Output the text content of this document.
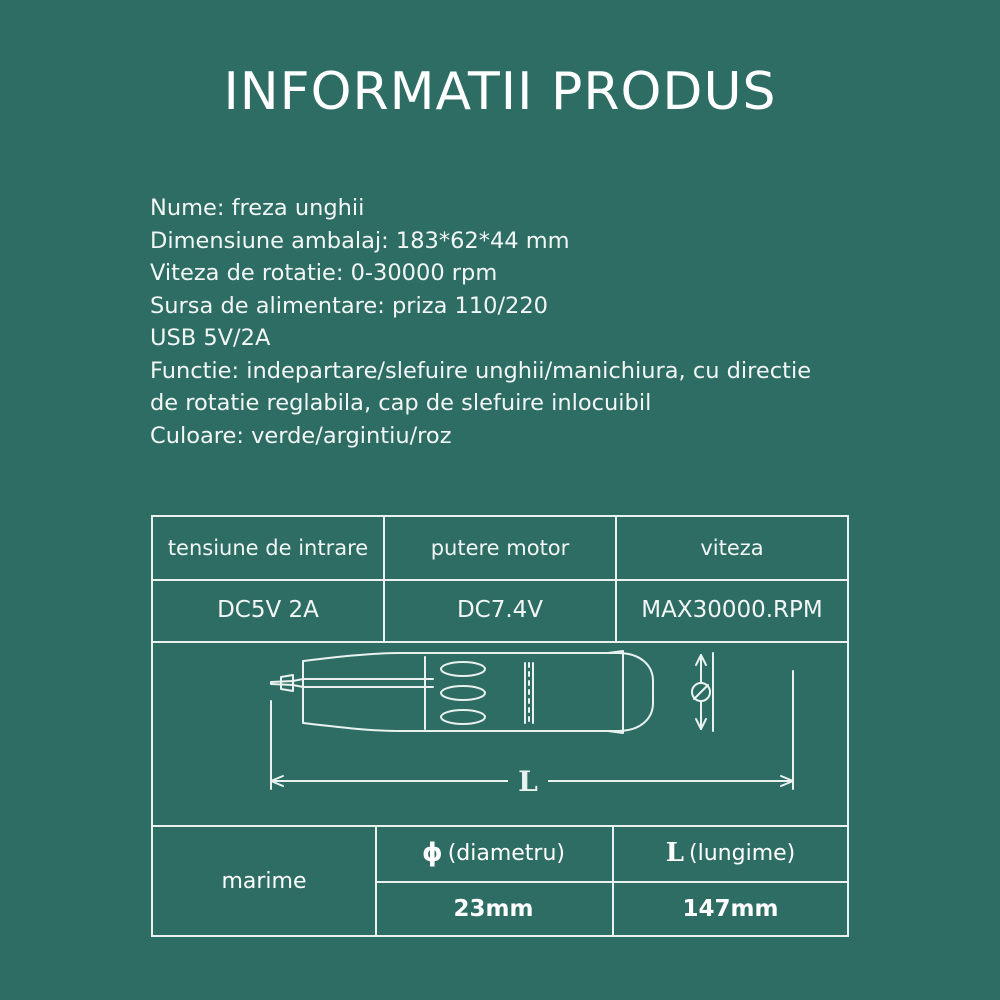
INFORMATII PRODUS
Nume: freza unghii
Dimensiune ambalaj: 183*62*44 mm
Viteza de rotatie: 0-30000 rpm
Sursa de alimentare: priza 110/220
USB 5V/2A
Functie: indepartare/slefuire unghii/manichiura, cu directie
de rotatie reglabila, cap de slefuire inlocuibil
Culoare: verde/argintiu/roz
tensiune de intrare	putere motor	viteza
DC5V 2A	DC7.4V	MAX30000.RPM
L
marime
ϕ (diametru)	L (lungime)
23mm	147mm
